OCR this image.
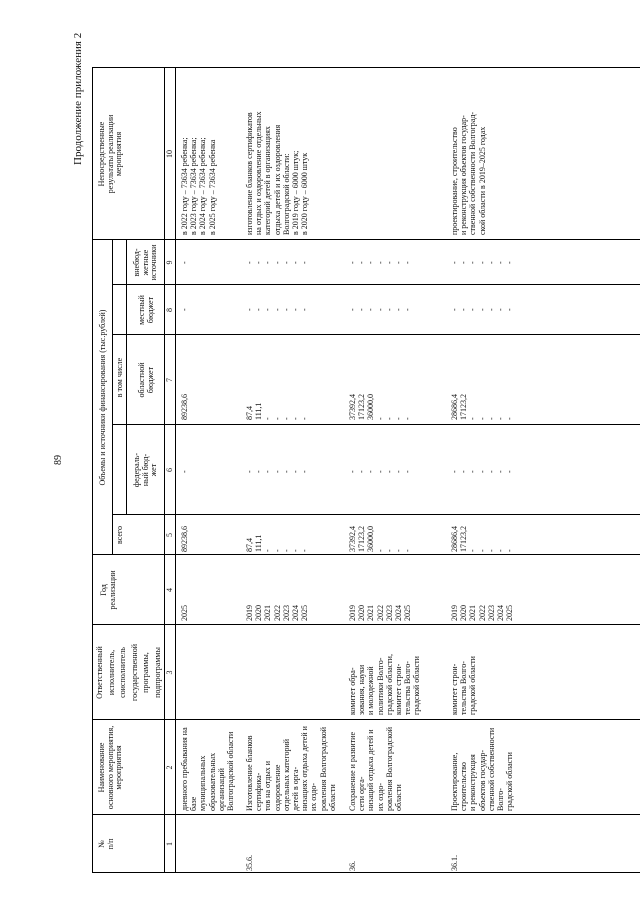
89
Продолжение приложения 2
№
п/п
Наименование
основного мероприятия,
мероприятия
Ответственный
исполнитель,
соисполнитель
государственной
программы,
подпрограммы
Год
реализации
Объемы и источники финансирования (тыс.рублей)
всего
в том числе
федераль-
ный бюд-
жет
областной
бюджет
местный
бюджет
внебюд-
жетные
источники
Непосредственные
результаты реализации
мероприятия
1
2
3
4
5
6
7
8
9
10
дневного пребывания на базе
муниципальных образовательных
организаций Волгоградской области
2025
89238,6
-
89238,6
-
-
в 2022 году – 73634 ребенка;
в 2023 году – 73634 ребенка;
в 2024 году – 73634 ребенка;
в 2025 году – 73634 ребенка
35.6.
Изготовление бланков сертифика-
тов на отдых и оздоровление
отдельных категорий детей в орга-
низациях отдыха детей и их оздо-
ровления Волгоградской области
2019
2020
2021
2022
2023
2024
2025
87,4
111,1
-
-
-
-
-
-
-
-
-
-
-
-
87,4
111,1
-
-
-
-
-
-
-
-
-
-
-
-
-
-
-
-
-
-
-
изготовление бланков сертификатов
на отдых и оздоровление отдельных
категорий детей в организациях
отдыха детей и их оздоровления
Волгоградской области:
в 2019 году – 6000 штук;
в 2020 году – 6000 штук
36.
Сохранение и развитие сети орга-
низаций отдыха детей и их оздо-
ровления Волгоградской области
комитет обра-
зования, науки
и молодежной
политики Волго-
градской области,
комитет строи-
тельства Волго-
градской области
2019
2020
2021
2022
2023
2024
2025
37392,4
17123,2
36000,0
-
-
-
-
-
-
-
-
-
-
-
37392,4
17123,2
36000,0
-
-
-
-
-
-
-
-
-
-
-
-
-
-
-
-
-
-
36.1.
Проектирование, строительство
и реконструкция объектов государ-
ственной собственности Волго-
градской области
комитет строи-
тельства Волго-
градской области
2019
2020
2021
2022
2023
2024
2025
28686,4
17123,2
-
-
-
-
-
-
-
-
-
-
-
-
28686,4
17123,2
-
-
-
-
-
-
-
-
-
-
-
-
-
-
-
-
-
-
-
проектирование, строительство
и реконструкция объектов государ-
ственной собственности Волгоград-
ской области в 2019–2025 годах
